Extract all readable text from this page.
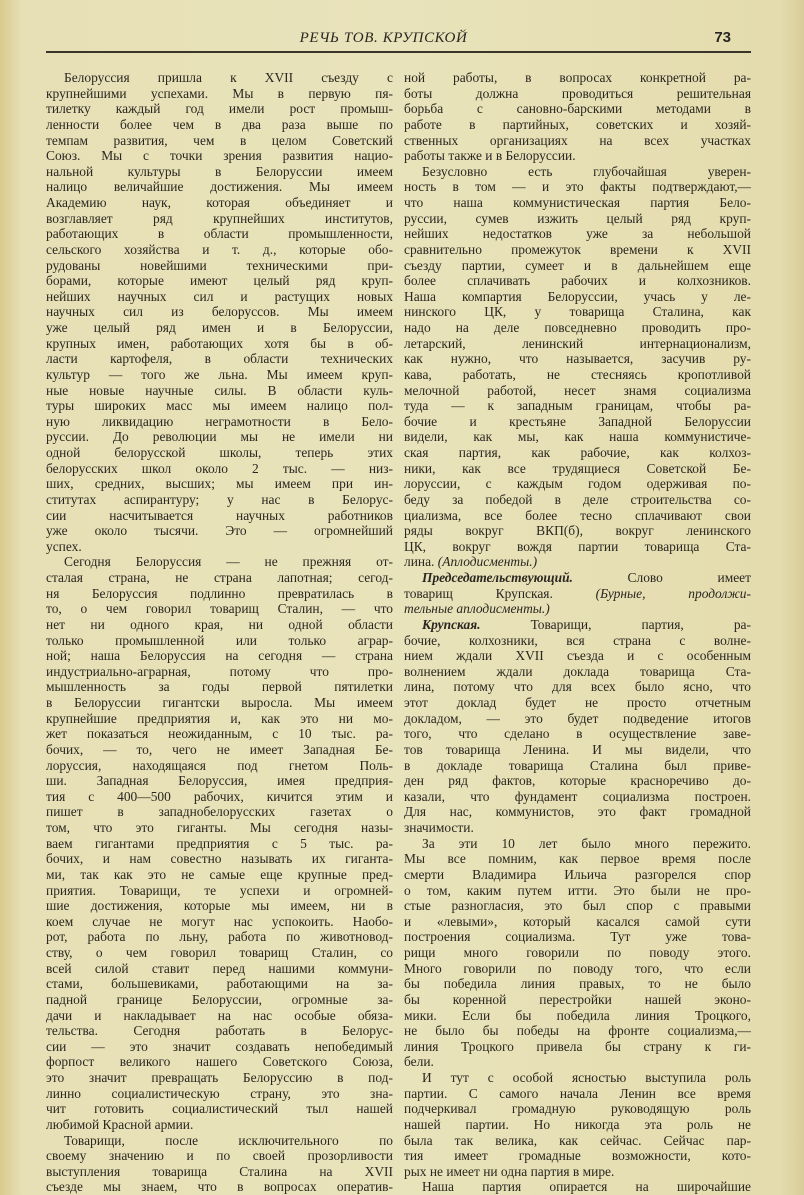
РЕЧЬ ТОВ. КРУПСКОЙ	73
Белоруссия пришла к XVII съезду с
крупнейшими успехами. Мы в первую пя-
тилетку каждый год имели рост промыш-
ленности более чем в два раза выше по
темпам развития, чем в целом Советский
Союз. Мы с точки зрения развития нацио-
нальной культуры в Белоруссии имеем
налицо величайшие достижения. Мы имеем
Академию наук, которая объединяет и
возглавляет ряд крупнейших институтов,
работающих в области промышленности,
сельского хозяйства и т. д., которые обо-
рудованы новейшими техническими при-
борами, которые имеют целый ряд круп-
нейших научных сил и растущих новых
научных сил из белоруссов. Мы имеем
уже целый ряд имен и в Белоруссии,
крупных имен, работающих хотя бы в об-
ласти картофеля, в области технических
культур — того же льна. Мы имеем круп-
ные новые научные силы. В области куль-
туры широких масс мы имеем налицо пол-
ную ликвидацию неграмотности в Бело-
руссии. До революции мы не имели ни
одной белорусской школы, теперь этих
белорусских школ около 2 тыс. — низ-
ших, средних, высших; мы имеем при ин-
ститутах аспирантуру; у нас в Белорус-
сии насчитывается научных работников
уже около тысячи. Это — огромнейший
успех.
Сегодня Белоруссия — не прежняя от-
сталая страна, не страна лапотная; сегод-
ня Белоруссия подлинно превратилась в
то, о чем говорил товарищ Сталин, — что
нет ни одного края, ни одной области
только промышленной или только аграр-
ной; наша Белоруссия на сегодня — страна
индустриально-аграрная, потому что про-
мышленность за годы первой пятилетки
в Белоруссии гигантски выросла. Мы имеем
крупнейшие предприятия и, как это ни мо-
жет показаться неожиданным, с 10 тыс. ра-
бочих, — то, чего не имеет Западная Бе-
лоруссия, находящаяся под гнетом Поль-
ши. Западная Белоруссия, имея предприя-
тия с 400—500 рабочих, кичится этим и
пишет в западнобелорусских газетах о
том, что это гиганты. Мы сегодня назы-
ваем гигантами предприятия с 5 тыс. ра-
бочих, и нам совестно называть их гиганта-
ми, так как это не самые еще крупные пред-
приятия. Товарищи, те успехи и огромней-
шие достижения, которые мы имеем, ни в
коем случае не могут нас успокоить. Наобо-
рот, работа по льну, работа по животновод-
ству, о чем говорил товарищ Сталин, со
всей силой ставит перед нашими коммуни-
стами, большевиками, работающими на за-
падной границе Белоруссии, огромные за-
дачи и накладывает на нас особые обяза-
тельства. Сегодня работать в Белорус-
сии — это значит создавать непобедимый
форпост великого нашего Советского Союза,
это значит превращать Белоруссию в под-
линно социалистическую страну, это зна-
чит готовить социалистический тыл нашей
любимой Красной армии.
Товарищи, после исключительного по
своему значению и по своей прозорливости
выступления товарища Сталина на XVII
съезде мы знаем, что в вопросах оператив-
ной работы, в вопросах конкретной ра-
боты должна проводиться решительная
борьба с сановно-барскими методами в
работе в партийных, советских и хозяй-
ственных организациях на всех участках
работы также и в Белоруссии.
Безусловно есть глубочайшая уверен-
ность в том — и это факты подтверждают,—
что наша коммунистическая партия Бело-
руссии, сумев изжить целый ряд круп-
нейших недостатков уже за небольшой
сравнительно промежуток времени к XVII
съезду партии, сумеет и в дальнейшем еще
более сплачивать рабочих и колхозников.
Наша компартия Белоруссии, учась у ле-
нинского ЦК, у товарища Сталина, как
надо на деле повседневно проводить про-
летарский, ленинский интернационализм,
как нужно, что называется, засучив ру-
кава, работать, не стесняясь кропотливой
мелочной работой, несет знамя социализма
туда — к западным границам, чтобы ра-
бочие и крестьяне Западной Белоруссии
видели, как мы, как наша коммунистиче-
ская партия, как рабочие, как колхоз-
ники, как все трудящиеся Советской Бе-
лоруссии, с каждым годом одерживая по-
беду за победой в деле строительства со-
циализма, все более тесно сплачивают свои
ряды вокруг ВКП(б), вокруг ленинского
ЦК, вокруг вождя партии товарища Ста-
лина. (Аплодисменты.)
Председательствующий. Слово имеет
товарищ Крупская. (Бурные, продолжи-
тельные аплодисменты.)
Крупская. Товарищи, партия, ра-
бочие, колхозники, вся страна с волне-
нием ждали XVII съезда и с особенным
волнением ждали доклада товарища Ста-
лина, потому что для всех было ясно, что
этот доклад будет не просто отчетным
докладом, — это будет подведение итогов
того, что сделано в осуществление заве-
тов товарища Ленина. И мы видели, что
в докладе товарища Сталина был приве-
ден ряд фактов, которые красноречиво до-
казали, что фундамент социализма построен.
Для нас, коммунистов, это факт громадной
значимости.
За эти 10 лет было много пережито.
Мы все помним, как первое время после
смерти Владимира Ильича разгорелся спор
о том, каким путем итти. Это были не про-
стые разногласия, это был спор с правыми
и «левыми», который касался самой сути
построения социализма. Тут уже това-
рищи много говорили по поводу этого.
Много говорили по поводу того, что если
бы победила линия правых, то не было
бы коренной перестройки нашей эконо-
мики. Если бы победила линия Троцкого,
не было бы победы на фронте социализма,—
линия Троцкого привела бы страну к ги-
бели.
И тут с особой ясностью выступила роль
партии. С самого начала Ленин все время
подчеркивал громадную руководящую роль
нашей партии. Но никогда эта роль не
была так велика, как сейчас. Сейчас пар-
тия имеет громадные возможности, кото-
рых не имеет ни одна партия в мире.
Наша партия опирается на широчайшие
